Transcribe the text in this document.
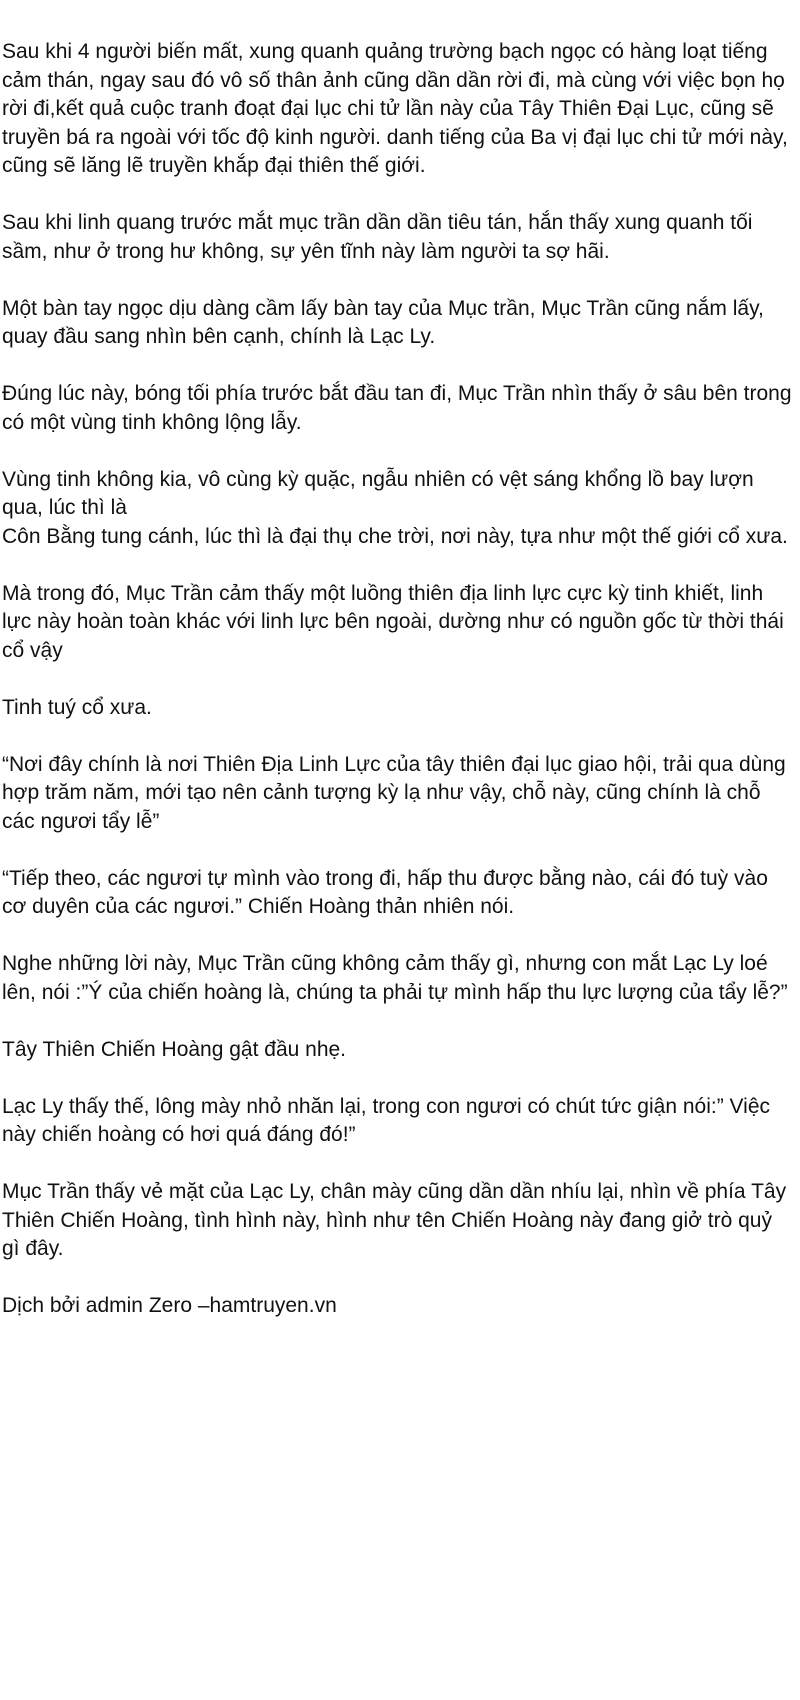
Sau khi 4 người biến mất, xung quanh quảng trường bạch ngọc có hàng loạt tiếng cảm thán, ngay sau đó vô số thân ảnh cũng dần dần rời đi, mà cùng với việc bọn họ rời đi,kết quả cuộc tranh đoạt đại lục chi tử lần này của Tây Thiên Đại Lục, cũng sẽ truyền bá ra ngoài với tốc độ kinh người. danh tiếng của Ba vị đại lục chi tử mới này, cũng sẽ lăng lẽ truyền khắp đại thiên thế giới.

Sau khi linh quang trước mắt mục trần dần dần tiêu tán, hắn thấy xung quanh tối sầm, như ở trong hư không, sự yên tĩnh này làm người ta sợ hãi.

Một bàn tay ngọc dịu dàng cầm lấy bàn tay của Mục trần, Mục Trần cũng nắm lấy, quay đầu sang nhìn bên cạnh, chính là Lạc Ly.

Đúng lúc này, bóng tối phía trước bắt đầu tan đi, Mục Trần nhìn thấy ở sâu bên trong có một vùng tinh không lộng lẫy.

Vùng tinh không kia, vô cùng kỳ quặc, ngẫu nhiên có vệt sáng khổng lồ bay lượn qua, lúc thì là
Côn Bằng tung cánh, lúc thì là đại thụ che trời, nơi này, tựa như một thế giới cổ xưa.

Mà trong đó, Mục Trần cảm thấy một luồng thiên địa linh lực cực kỳ tinh khiết, linh lực này hoàn toàn khác với linh lực bên ngoài, dường như có nguồn gốc từ thời thái cổ vậy

Tinh tuý cổ xưa.

“Nơi đây chính là nơi Thiên Địa Linh Lực của tây thiên đại lục giao hội, trải qua dùng hợp trăm năm, mới tạo nên cảnh tượng kỳ lạ như vậy, chỗ này, cũng chính là chỗ các ngươi tẩy lễ”

“Tiếp theo, các ngươi tự mình vào trong đi, hấp thu được bằng nào, cái đó tuỳ vào cơ duyên của các ngươi.” Chiến Hoàng thản nhiên nói.

Nghe những lời này, Mục Trần cũng không cảm thấy gì, nhưng con mắt Lạc Ly loé lên, nói :”Ý của chiến hoàng là, chúng ta phải tự mình hấp thu lực lượng của tẩy lễ?”

Tây Thiên Chiến Hoàng gật đầu nhẹ.

Lạc Ly thấy thế, lông mày nhỏ nhăn lại, trong con ngươi có chút tức giận nói:” Việc này chiến hoàng có hơi quá đáng đó!”

Mục Trần thấy vẻ mặt của Lạc Ly, chân mày cũng dần dần nhíu lại, nhìn về phía Tây Thiên Chiến Hoàng, tình hình này, hình như tên Chiến Hoàng này đang giở trò quỷ gì đây.

Dịch bởi admin Zero –hamtruyen.vn
